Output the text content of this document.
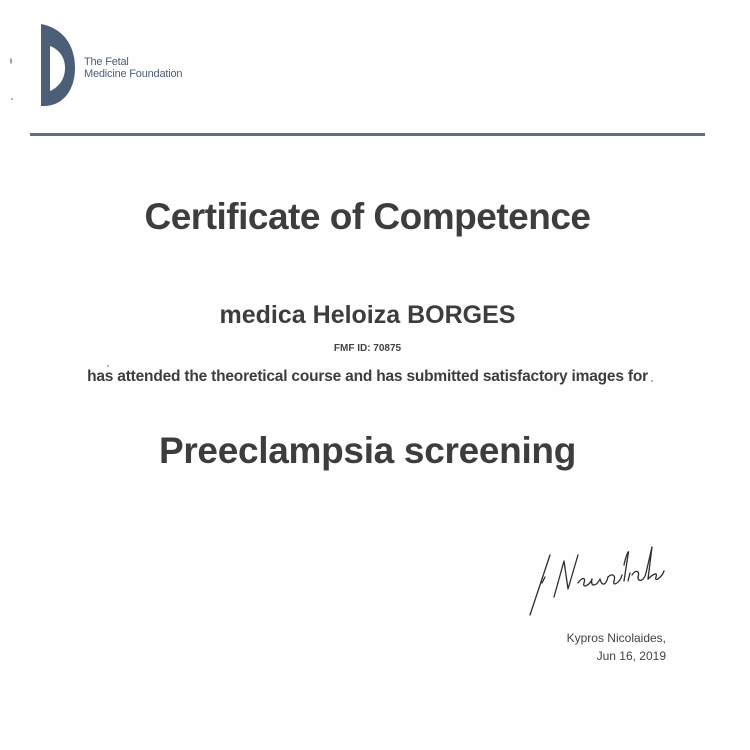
The Fetal
Medicine Foundation
Certificate of Competence
medica Heloiza BORGES
FMF ID: 70875
has attended the theoretical course and has submitted satisfactory images for
Preeclampsia screening
Kypros Nicolaides,
Jun 16, 2019
